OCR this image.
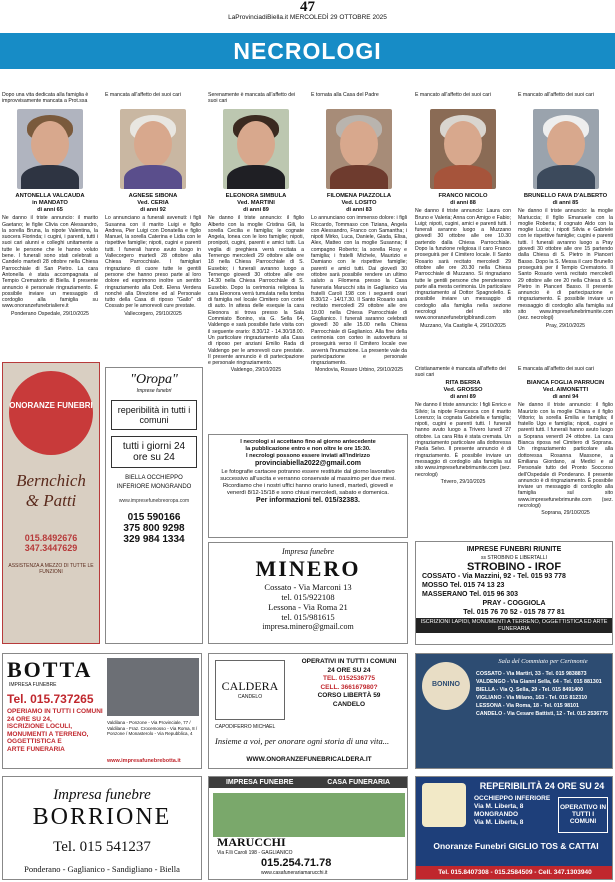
47
LaProvinciadiBiella.it MERCOLEDÌ 29 OTTOBRE 2025
NECROLOGI
Dopo una vita dedicata alla famiglia è improvvisamente mancata a Prot.ssa
ANTONELLA VALCAUDA
in MANDATO
di anni 65
Ne danno il triste annuncio: il marito Gaetano; le figlie Clivia con Alessandro, la sorella Bruna, la nipote Valentina, la suocera Fiorinda; i cugini, i parenti, tutti i suoi cari alunni e colleghi unitamente a tutte le persone che le hanno voluto bene. I funerali sono stati celebrati a Candelo martedì 28 ottobre nella Chiesa Parrocchiale di San Pietro. La cara Antonella è stata accompagnata al Tempio Crematorio di Biella. Il presente annuncio è personale ringraziamento. È possibile inviare un messaggio di cordoglio alla famiglia su www.onoranzefunebrialiere.it
Ponderano Ospedale, 29/10/2025
È mancata all'affetto dei suoi cari
AGNESE SIBONA
Ved. CERIA
di anni 92
Lo annunciano a funerali avvenuti: i figli Susanna con il marito Luigi e figlio Andrea, Pier Luigi con Donatella e figlio Manuel, la sorella Caterina e Lidia con le rispettive famiglie; nipoti, cugini e parenti tutti. I funerali hanno avuto luogo in Vallecorgero martedì 28 ottobre alla Chiesa Parrocchiale. I famigliari ringraziano di cuore tutte le gentili persone che hanno preso parte al loro dolore ed esprimono inoltre un sentito ringraziamento alla Dott. Elena Verdera nonché alla Direzione ed al Personale tutto della Casa di riposo "Gallo" di Cossato per le amorevoli cure prestate.
Vallecorgero, 29/10/2025
Serenamente è mancata all'affetto dei suoi cari
ELEONORA SIMBULA
Ved. MARTINI
di anni 89
Ne danno il triste annuncio: il figlio Alberto con la moglie Cristina Gili, la sorella Cecilia e famiglia; le cognate Angela, Ionea con le loro famiglie; nipoti, pronipoti, cugini, parenti e amici tutti. La veglia di preghiera verrà recitata a Ternengo mercoledì 29 ottobre alle ore 18 nella Chiesa Parrocchiale di S. Eusebio; i funerali avranno luogo a Ternengo giovedì 30 ottobre alle ore 14.30 nella Chiesa Parrocchiale di S. Eusebio. Dopo la cerimonia religiosa la cara Eleonora verrà tumulata nella tomba di famiglia nel locale Cimitero con cortei di auto. In attesa delle esequie la cara Eleonora si trova presso la Sala Commiato Bonino, via G. Sella 64, Valdengo e sarà possibile farle visita con il seguente orario: 8.30/12 - 14.30/18.00. Un particolare ringraziamento alla Casa di riposo per anziani Emilio Rada di Valdengo per le amorevoli cure prestate. Il presente annuncio è di partecipazione e personale ringraziamento.
Valdengo, 29/10/2025
È tornata alla Casa del Padre
FILOMENA PIAZZOLLA
Ved. LOSITO
di anni 83
Lo annunciano con immenso dolore: i figli Riccardo, Tommaso con Tiziana, Angela con Alessandro, Franco con Samantha; i nipoti Mirko, Luca, Daniele, Giada, Elisa, Alex, Matteo con la moglie Susanna; il compagno Roberto; la sorella Rosy e famiglia; i fratelli Michele, Maurizio e Damiano con le rispettive famiglie; parenti e amici tutti. Dai giovedì 30 ottobre sarà possibile rendere un ultimo saluto a Filomena presso la Casa funeraria Marucchi sita in Gaglianico via fratelli Caroli 198 con i seguenti orari 8.30/12 - 14/17.30. Il Santo Rosario sarà recitato mercoledì 29 ottobre alle ore 19.00 nella Chiesa Parrocchiale di Gaglianico. I funerali saranno celebrati giovedì 30 alle 15.00 nella Chiesa Parrocchiale di Gaglianico. Alla fine della cerimonia con corteo in autovettura si proseguirà verso il Cimitero locale ove avverrà l'inumazione. La presente vale da partecipazione e personale ringraziamento.
Mondovìa, Rosaro Urbino, 29/10/2025
È mancato all'affetto dei suoi cari
FRANCO NICOLO
di anni 88
Ne danno il triste annuncio: Laura con Bruno e Valeria; Anna con Amigo e Fabio; Luigi; nipoti, cugini, amici e parenti tutti. I funerali avranno luogo a Muzzano giovedì 30 ottobre alle ore 10.30 partendo dalla Chiesa Parrocchiale. Dopo la funzione religiosa il caro Franco proseguirà per il Cimitero locale. Il Santo Rosario sarà recitato mercoledì 29 ottobre alle ore 20.30 nella Chiesa Parrocchiale di Muzzano. Si ringraziano tutte le gentili persone che prenderanno parte alla mesta cerimonia. Un particolare ringraziamento al Dottor Spagnolello. È possibile inviare un messaggio di cordoglio alla famiglia nella sezione necrologi del sito www.onoranzefunebrigiblrandi.com
Muzzano, Via Castiglie 4, 29/10/2025
Cristianamente è mancata all'affetto dei suoi cari
RITA BERRA
Ved. GROSSO
di anni 89
Ne danno il triste annuncio: I figli Enrico e Silvio; la nipote Francesca con il marito Lorenzo; la cognata Gabriella e famiglia; nipoti, cugini e parenti tutti. I funerali hanno avuto luogo a Trivero lunedì 27 ottobre. La cara Rita è stata cremata. Un ringraziamento particolare alla dottoressa Paola Selvo. Il presente annuncio è di ringraziamento. È possibile inviare un messaggio di cordoglio alla famiglia sul sito www.impresefunebrimunite.com (sez. necrologi)
Trivero, 29/10/2025
È mancato all'affetto dei suoi cari
BRUNELLO FAVA D'ALBERTO
di anni 85
Ne danno il triste annuncio: la moglie Mariuccia; il figlio Emanuele con la moglie Roberta; il cognato Aldo con la moglie Lucia; i nipoti Silvia e Gabriele con le rispettive famiglie; cugini e parenti tutti. I funerali avranno luogo a Pray giovedì 30 ottobre alle ore 15 partendo dalla Chiesa di S. Pietro in Pianceri Basso. Dopo la S. Messa il caro Brunello proseguirà per il Tempio Crematorio. Il Santo Rosario verrà recitato mercoledì 29 ottobre alle ore 20 nella Chiesa di S. Pietro in Pianceri Basso. Il presente annuncio è di partecipazione e ringraziamento. È possibile inviare un messaggio di cordoglio alla famiglia sul sito www.impresefunebrimunite.com (sez. necrologi)
Pray, 29/10/2025
È mancata all'affetto dei suoi cari
BIANCA FOGLIA PARRUCIN
Ved. AIMONETTI
di anni 94
Ne danno il triste annuncio: il figlio Maurizio con la moglie Chiara e il figlio Vittorio; la sorella Emilia e famiglia; il fratello Ugo e famiglia; nipoti, cugini e parenti tutti. I funerali hanno avuto luogo a Soprana venerdì 24 ottobre. La cara Bianca riposa nel Cimitero di Soprana. Un ringraziamento particolare alla dottoressa Rosanna Massone, a Emiliana Giordano, ai Medici e al Personale tutto del Pronto Soccorso dell'Ospedale di Ponderano. Il presente annuncio è di ringraziamento. È possibile inviare un messaggio di cordoglio alla famiglia sul sito www.impresefunebrimunite.com (sez. necrologi)
Soprana, 29/10/2025
ONORANZE FUNEBRI
Bernchich
& Patti
015.8492676
347.3447629
ASSISTENZA A MEZZO DI TUTTE LE FUNZIONI
"Oropa"
Imprese funebri
reperibilità in tutti i comuni
tutti i giorni 24 ore su 24
BIELLA OCCHIEPPO INFERIORE MONGRANDO
www.impresefunebreoropa.com
015 590166
375 800 9298
329 984 1334
I necrologi si accettano fino al giorno antecedente
la pubblicazione entro e non oltre le ore 15:30.
I necrologi possono essere inviati all'indirizzo
provinciabiella2022@gmail.com
Le fotografie cartacee potranno essere restituite dal giorno lavorativo successivo all'uscita e verranno conservate al massimo per due mesi. Ricordiamo che i nostri uffici hanno orario lunedì, martedì, giovedì e venerdì 8/12-15/18 e sono chiusi mercoledì, sabato e domenica.
Per informazioni tel. 015/32383.
Impresa funebre
MINERO
Cossato - Via Marconi 13
tel. 015/922108
Lessona - Via Roma 21
tel. 015/981615
impresa.minero@gmail.com
IMPRESE FUNEBRI RIUNITE
ss STROBINO E LIBERTALLI
STROBINO - IROF
COSSATO - Via Mazzini, 92 - Tel. 015 93 778
MOSSO Tel. 015 74 13 23
MASSERANO Tel. 015 96 303
PRAY - COGGIOLA
Tel. 015 76 70 52 - 015 78 77 81
ISCRIZIONI LAPIDI, MONUMENTI A TERRENO, OGGETTISTICA ED ARTE FUNERARIA
BOTTA
IMPRESA FUNEBRE
Tel. 015.737265
OPERIAMO IN TUTTI I COMUNI
24 ORE SU 24,
ISCRIZIONE LOCULI,
MONUMENTI A TERRENO,
OGGETTISTICA E
ARTE FUNERARIA
Valdilana - Ponzone - Via Provinciale, 77 / Valdilana - Fraz. Crocemosso - Via Roma, 8 / Ponzone / Monasterolo - Via Repubblica, 4
www.impresafunebrebotta.it
CALDERA
CANDELO
OPERATIVI IN TUTTI I COMUNI
24 ORE SU 24
TEL. 0152536775
CELL. 366167980?
CORSO LIBERTÀ 59
CANDELO
CAPODIFERRO MICHAEL
Insieme a voi, per onorare ogni storia di una vita...
WWW.ONORANZEFUNEBRICALDERA.IT
BONINO
Sala del Commiato per Cerimonie
COSSATO - Via Martiri, 33 - Tel. 015 9838873
VALDENGO - Via Gianni Sella, 64 - Tel. 015 881301
BIELLA - Via Q. Sella, 29 - Tel. 015 8491400
VIGLIANO - Via Milano, 163 - Tel. 015 812310
LESSONA - Via Roma, 18 - Tel. 015 98101
CANDELO - Via Cesare Battisti, 12 - Tel. 015 2536775
Impresa funebre
BORRIONE
Tel. 015 541237
Ponderano - Gaglianico - Sandigliano - Biella
IMPRESA FUNEBRE	CASA FUNERARIA
MARUCCHI
Via F.lli Caroli 198 - GAGLIANICO
015.254.71.78
www.casafunerariamarucchi.it
REPERIBILITÀ 24 ORE SU 24
OCCHIEPPO INFERIORE
Via M. Liberta, 8
MONGRANDO
Via M. Liberta, 8
OPERATIVO IN TUTTI I COMUNI
Onoranze Funebri GIGLIO TOS & CATTAI
Tel. 015.8407308 - 015.2584509 - Cell. 347.1303940
